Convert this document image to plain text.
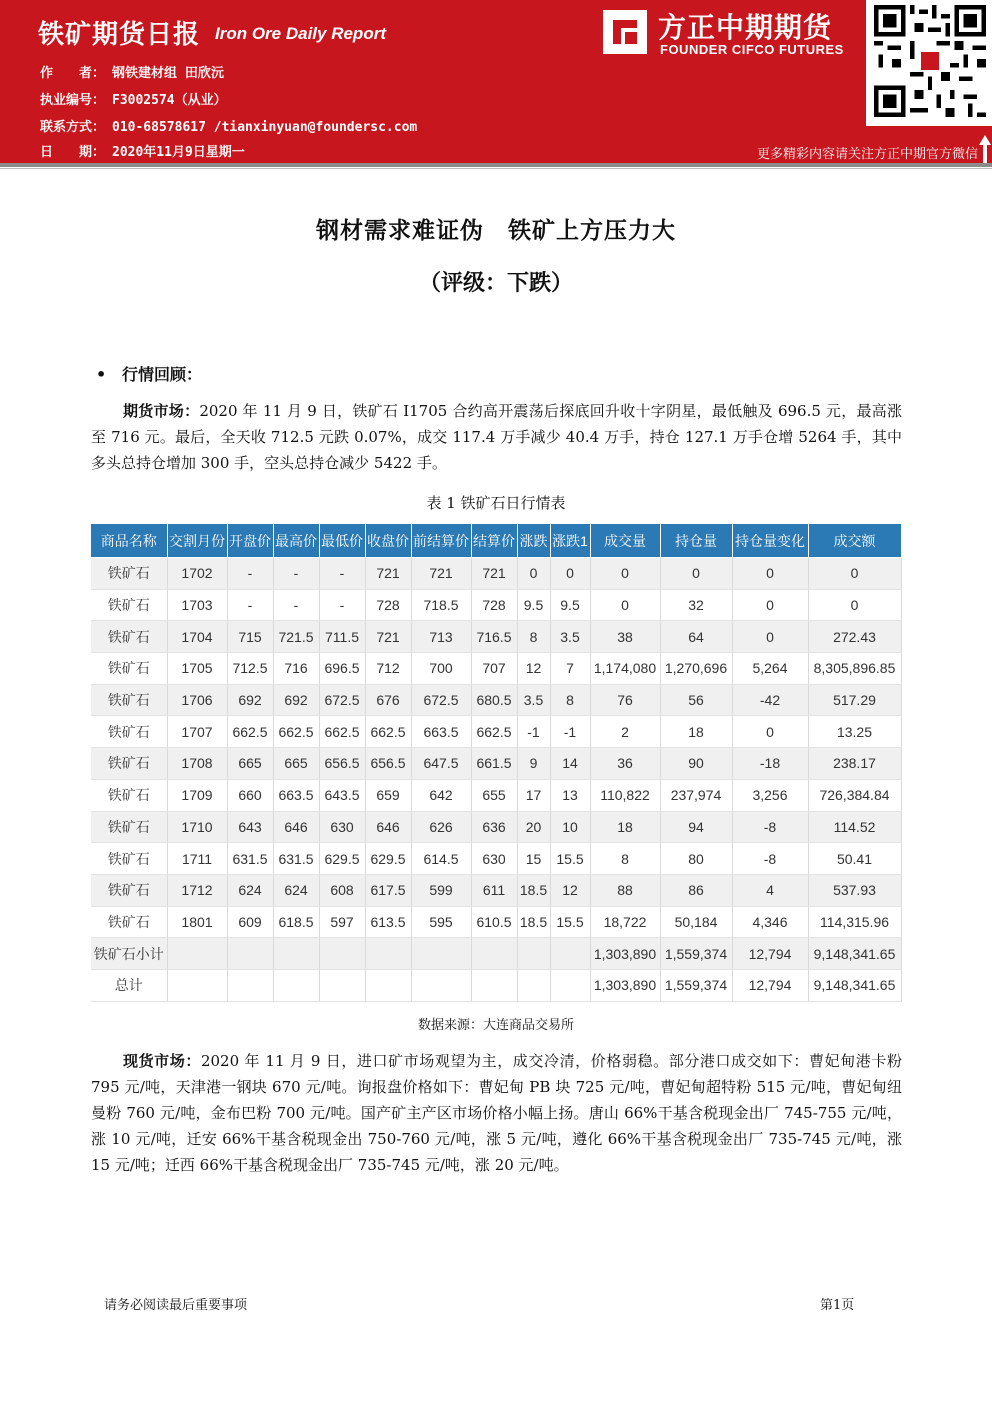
铁矿期货日报 Iron Ore Daily Report
作　　者： 钢铁建材组 田欣沅
执业编号： F3002574（从业）
联系方式： 010-68578617 /tianxinyuan@foundersc.com
日　　期： 2020年11月9日星期一
方正中期期货
FOUNDER CIFCO FUTURES
更多精彩内容请关注方正中期官方微信
钢材需求难证伪　铁矿上方压力大
（评级：下跌）
• 行情回顾：
期货市场：2020 年 11 月 9 日，铁矿石 I1705 合约高开震荡后探底回升收十字阴星，最低触及 696.5 元，最高涨至 716 元。最后，全天收 712.5 元跌 0.07%，成交 117.4 万手减少 40.4 万手，持仓 127.1 万手仓增 5264 手，其中多头总持仓增加 300 手，空头总持仓减少 5422 手。
表 1 铁矿石日行情表
商品名称	交割月份	开盘价	最高价	最低价	收盘价	前结算价	结算价	涨跌	涨跌1	成交量	持仓量	持仓量变化	成交额
铁矿石	1702	-	-	-	721	721	721	0	0	0	0	0	0
铁矿石	1703	-	-	-	728	718.5	728	9.5	9.5	0	32	0	0
铁矿石	1704	715	721.5	711.5	721	713	716.5	8	3.5	38	64	0	272.43
铁矿石	1705	712.5	716	696.5	712	700	707	12	7	1,174,080	1,270,696	5,264	8,305,896.85
铁矿石	1706	692	692	672.5	676	672.5	680.5	3.5	8	76	56	-42	517.29
铁矿石	1707	662.5	662.5	662.5	662.5	663.5	662.5	-1	-1	2	18	0	13.25
铁矿石	1708	665	665	656.5	656.5	647.5	661.5	9	14	36	90	-18	238.17
铁矿石	1709	660	663.5	643.5	659	642	655	17	13	110,822	237,974	3,256	726,384.84
铁矿石	1710	643	646	630	646	626	636	20	10	18	94	-8	114.52
铁矿石	1711	631.5	631.5	629.5	629.5	614.5	630	15	15.5	8	80	-8	50.41
铁矿石	1712	624	624	608	617.5	599	611	18.5	12	88	86	4	537.93
铁矿石	1801	609	618.5	597	613.5	595	610.5	18.5	15.5	18,722	50,184	4,346	114,315.96
铁矿石小计										1,303,890	1,559,374	12,794	9,148,341.65
总计										1,303,890	1,559,374	12,794	9,148,341.65
数据来源：大连商品交易所
现货市场：2020 年 11 月 9 日，进口矿市场观望为主，成交冷清，价格弱稳。部分港口成交如下：曹妃甸港卡粉 795 元/吨，天津港一钢块 670 元/吨。询报盘价格如下：曹妃甸 PB 块 725 元/吨，曹妃甸超特粉 515 元/吨，曹妃甸纽曼粉 760 元/吨，金布巴粉 700 元/吨。国产矿主产区市场价格小幅上扬。唐山 66%干基含税现金出厂 745-755 元/吨，涨 10 元/吨，迁安 66%干基含税现金出 750-760 元/吨，涨 5 元/吨，遵化 66%干基含税现金出厂 735-745 元/吨，涨 15 元/吨；迁西 66%干基含税现金出厂 735-745 元/吨，涨 20 元/吨。
请务必阅读最后重要事项	第1页
